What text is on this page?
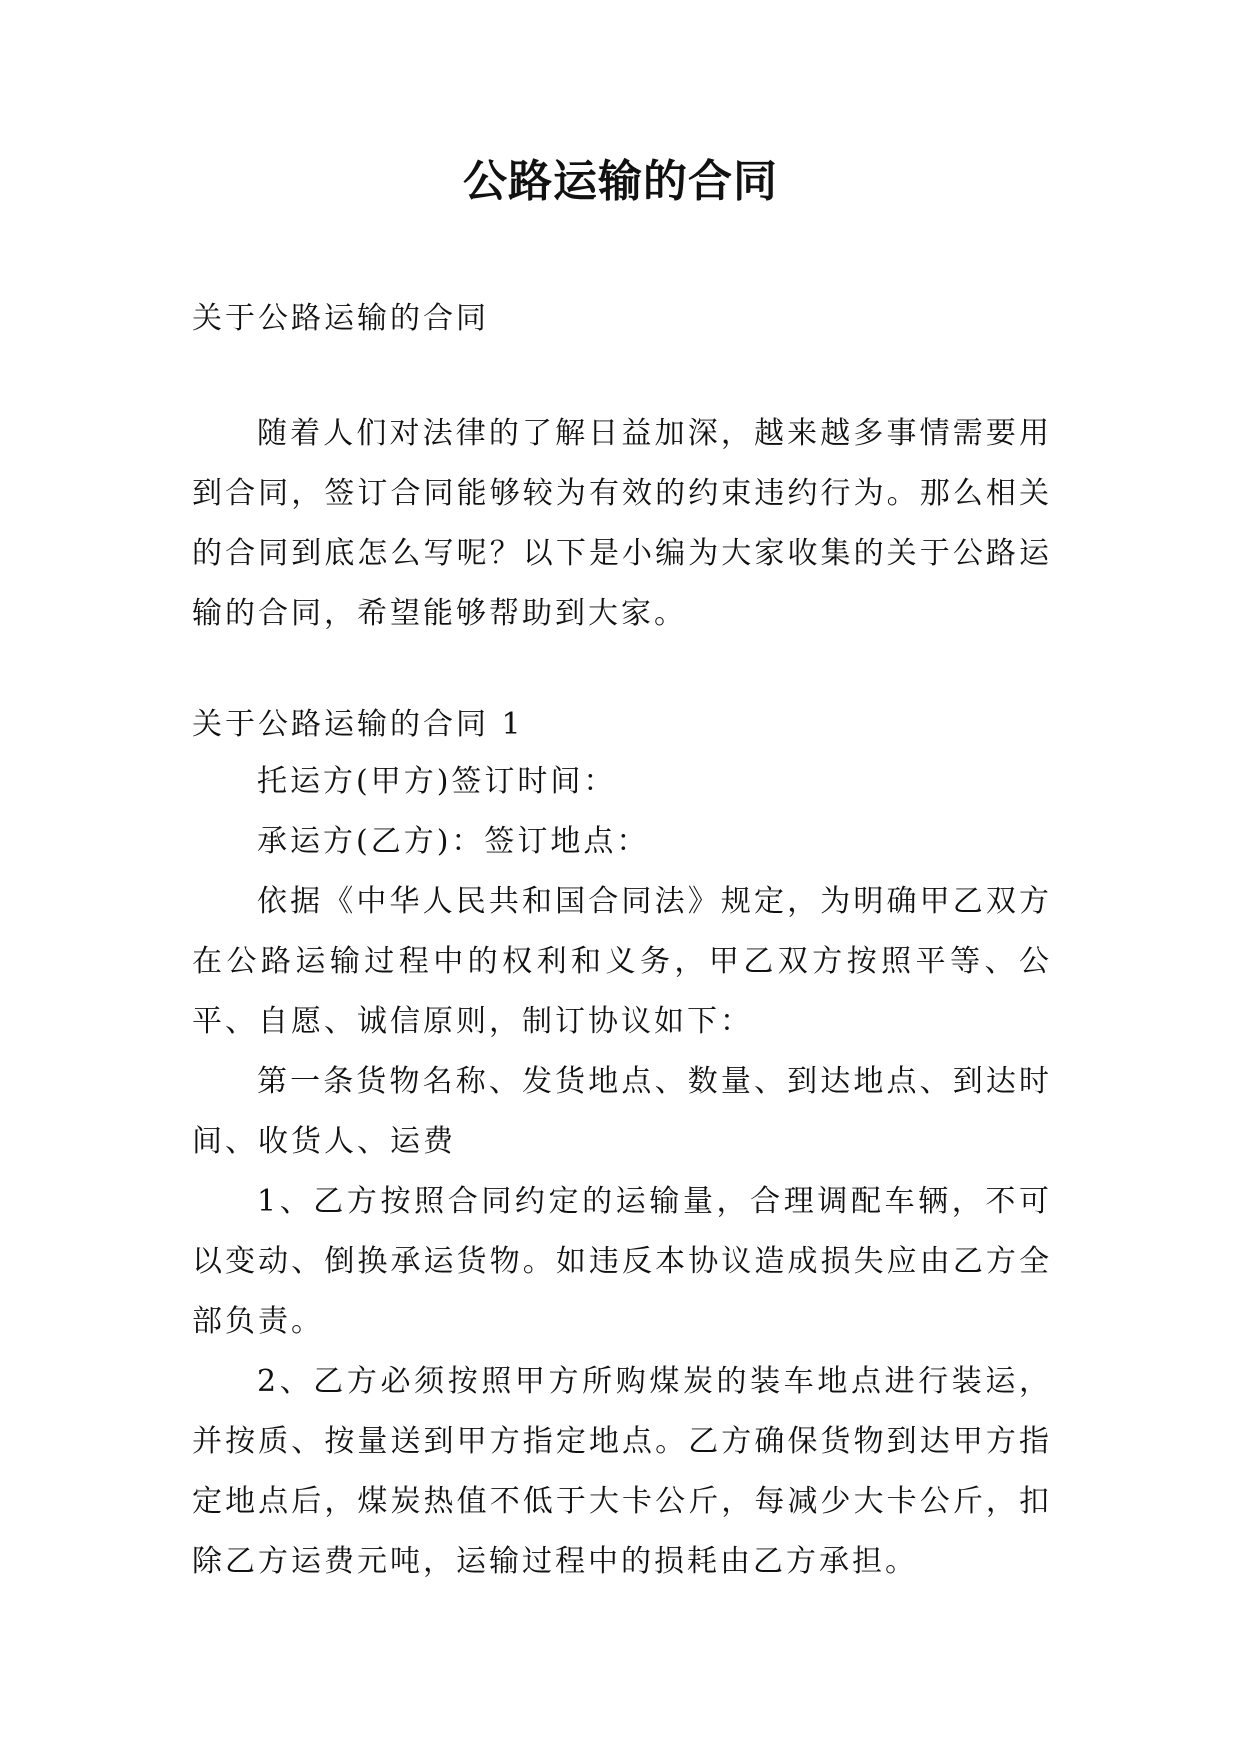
公路运输的合同

关于公路运输的合同

随着人们对法律的了解日益加深，越来越多事情需要用到合同，签订合同能够较为有效的约束违约行为。那么相关的合同到底怎么写呢？以下是小编为大家收集的关于公路运输的合同，希望能够帮助到大家。

关于公路运输的合同 1

托运方(甲方)签订时间：

承运方(乙方)：签订地点：

依据《中华人民共和国合同法》规定，为明确甲乙双方在公路运输过程中的权利和义务，甲乙双方按照平等、公平、自愿、诚信原则，制订协议如下：

第一条货物名称、发货地点、数量、到达地点、到达时间、收货人、运费

1、乙方按照合同约定的运输量，合理调配车辆，不可以变动、倒换承运货物。如违反本协议造成损失应由乙方全部负责。

2、乙方必须按照甲方所购煤炭的装车地点进行装运，并按质、按量送到甲方指定地点。乙方确保货物到达甲方指定地点后，煤炭热值不低于大卡公斤，每减少大卡公斤，扣除乙方运费元吨，运输过程中的损耗由乙方承担。
